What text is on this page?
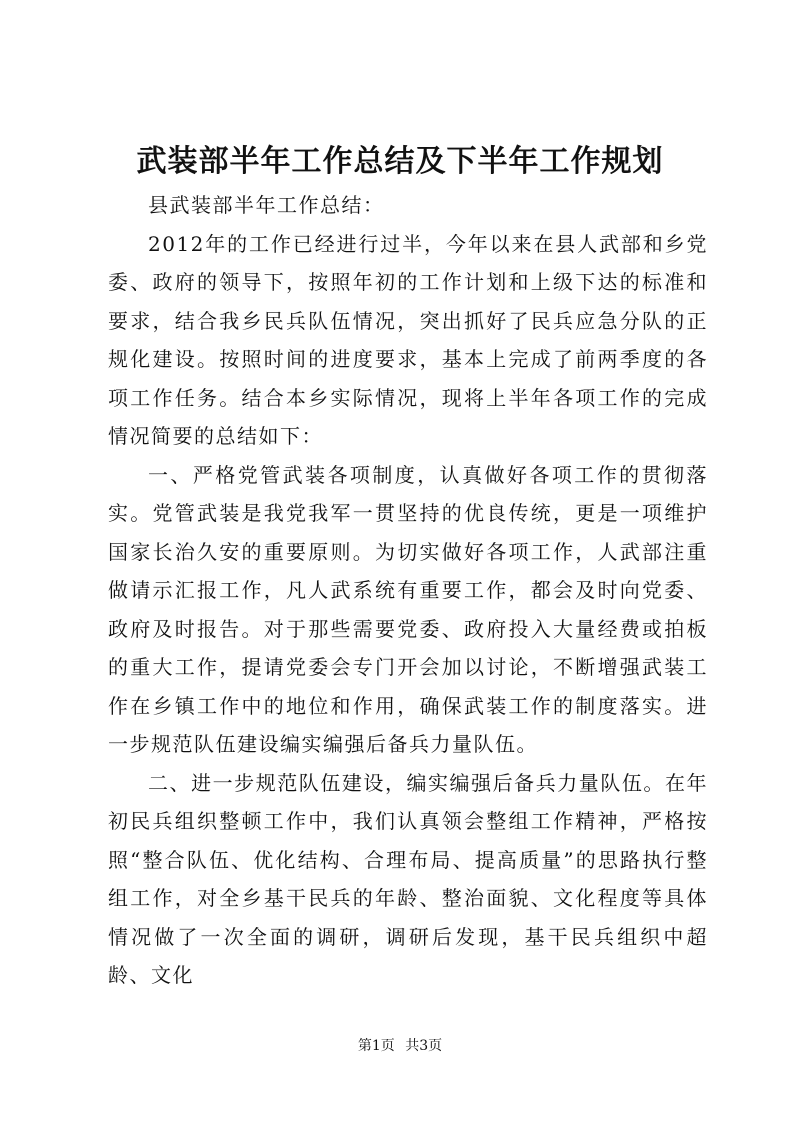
武装部半年工作总结及下半年工作规划

县武装部半年工作总结：

2012年的工作已经进行过半，今年以来在县人武部和乡党委、政府的领导下，按照年初的工作计划和上级下达的标准和要求，结合我乡民兵队伍情况，突出抓好了民兵应急分队的正规化建设。按照时间的进度要求，基本上完成了前两季度的各项工作任务。结合本乡实际情况，现将上半年各项工作的完成情况简要的总结如下：

一、严格党管武装各项制度，认真做好各项工作的贯彻落实。党管武装是我党我军一贯坚持的优良传统，更是一项维护国家长治久安的重要原则。为切实做好各项工作，人武部注重做请示汇报工作，凡人武系统有重要工作，都会及时向党委、政府及时报告。对于那些需要党委、政府投入大量经费或拍板的重大工作，提请党委会专门开会加以讨论，不断增强武装工作在乡镇工作中的地位和作用，确保武装工作的制度落实。进一步规范队伍建设编实编强后备兵力量队伍。

二、进一步规范队伍建设，编实编强后备兵力量队伍。在年初民兵组织整顿工作中，我们认真领会整组工作精神，严格按照“整合队伍、优化结构、合理布局、提高质量”的思路执行整组工作，对全乡基干民兵的年龄、整治面貌、文化程度等具体情况做了一次全面的调研，调研后发现，基干民兵组织中超龄、文化

第1页 共3页
